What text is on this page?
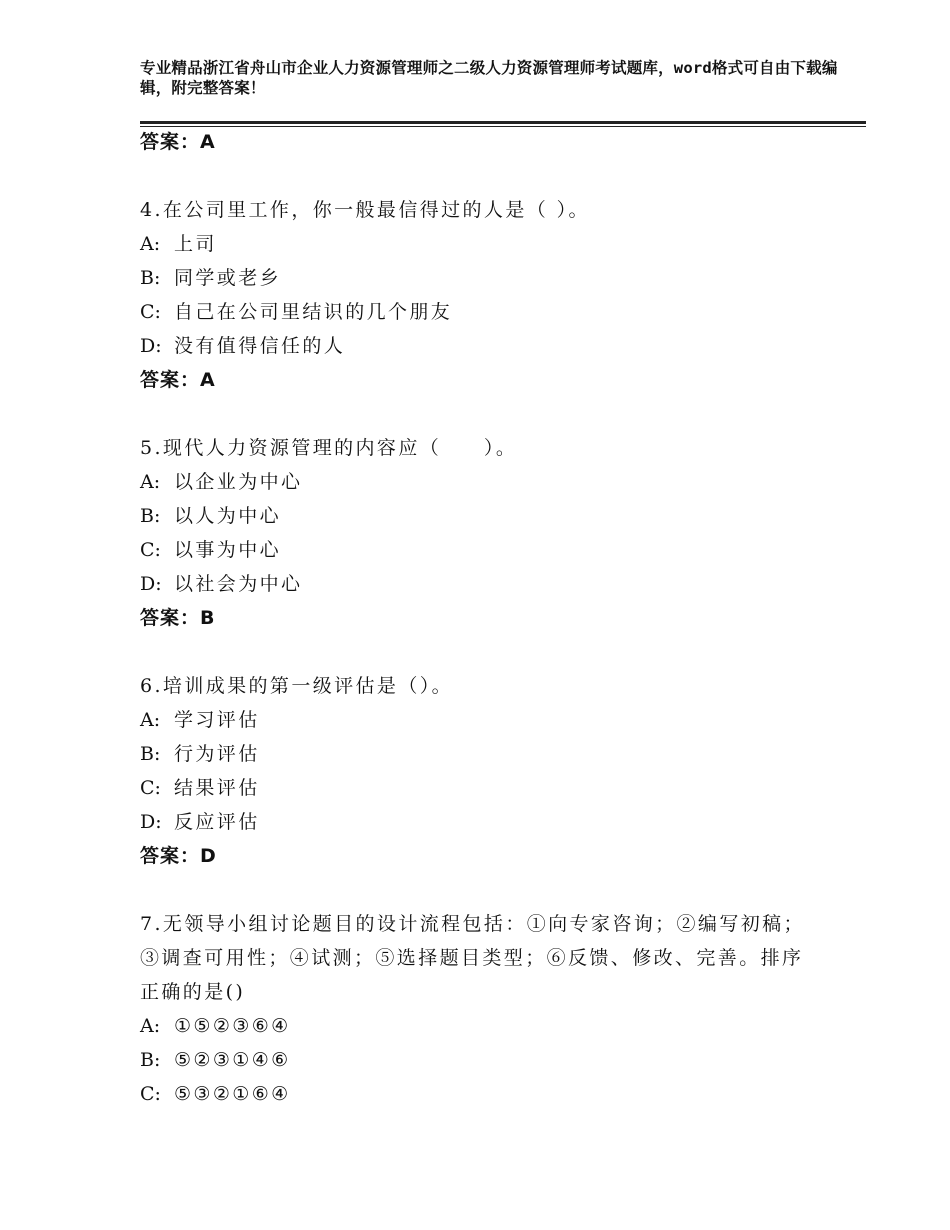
专业精品浙江省舟山市企业人力资源管理师之二级人力资源管理师考试题库，word格式可自由下载编辑，附完整答案！
答案：A
4.在公司里工作，你一般最信得过的人是（ ）。
A: 上司
B: 同学或老乡
C: 自己在公司里结识的几个朋友
D: 没有值得信任的人
答案：A
5.现代人力资源管理的内容应（　　）。
A: 以企业为中心
B: 以人为中心
C: 以事为中心
D: 以社会为中心
答案：B
6.培训成果的第一级评估是（）。
A: 学习评估
B: 行为评估
C: 结果评估
D: 反应评估
答案：D
7.无领导小组讨论题目的设计流程包括：①向专家咨询；②编写初稿；③调查可用性；④试测；⑤选择题目类型；⑥反馈、修改、完善。排序正确的是()
A: ①⑤②③⑥④
B: ⑤②③①④⑥
C: ⑤③②①⑥④
